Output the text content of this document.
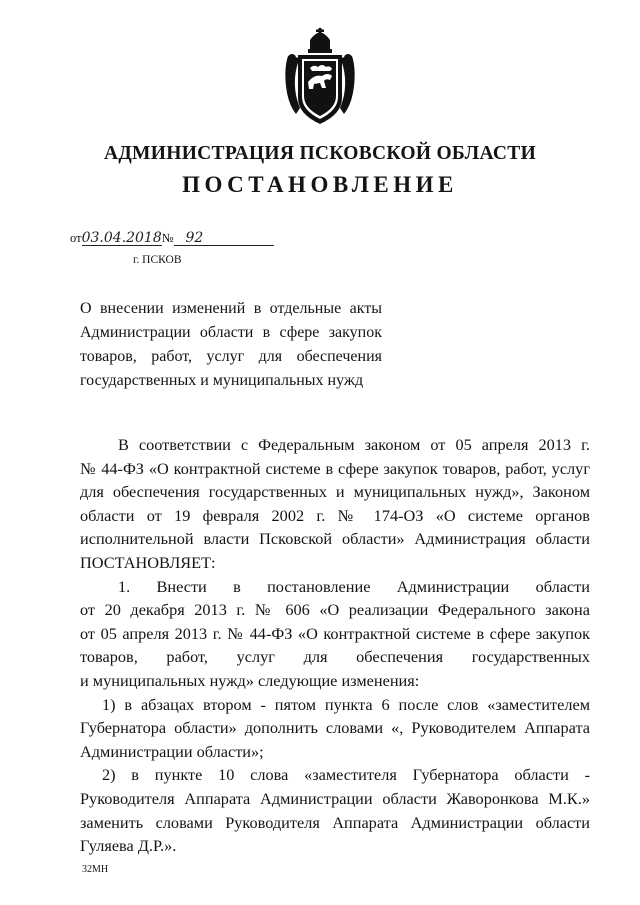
АДМИНИСТРАЦИЯ ПСКОВСКОЙ ОБЛАСТИ
ПОСТАНОВЛЕНИЕ
от03.04.2018№ 92
г. ПСКОВ
О внесении изменений в отдельные акты
Администрации области в сфере закупок
товаров, работ, услуг для обеспечения
государственных и муниципальных нужд
В соответствии с Федеральным законом от 05 апреля 2013 г.
№ 44-ФЗ «О контрактной системе в сфере закупок товаров, работ, услуг
для обеспечения государственных и муниципальных нужд», Законом
области от 19 февраля 2002 г. № 174-ОЗ «О системе органов
исполнительной власти Псковской области» Администрация области
ПОСТАНОВЛЯЕТ:
1. Внести в постановление Администрации области
от 20 декабря 2013 г. № 606 «О реализации Федерального закона
от 05 апреля 2013 г. № 44-ФЗ «О контрактной системе в сфере закупок
товаров, работ, услуг для обеспечения государственных
и муниципальных нужд» следующие изменения:
1) в абзацах втором - пятом пункта 6 после слов «заместителем
Губернатора области» дополнить словами «, Руководителем Аппарата
Администрации области»;
2) в пункте 10 слова «заместителя Губернатора области -
Руководителя Аппарата Администрации области Жаворонкова М.К.»
заменить словами Руководителя Аппарата Администрации области
Гуляева Д.Р.».
32МН
